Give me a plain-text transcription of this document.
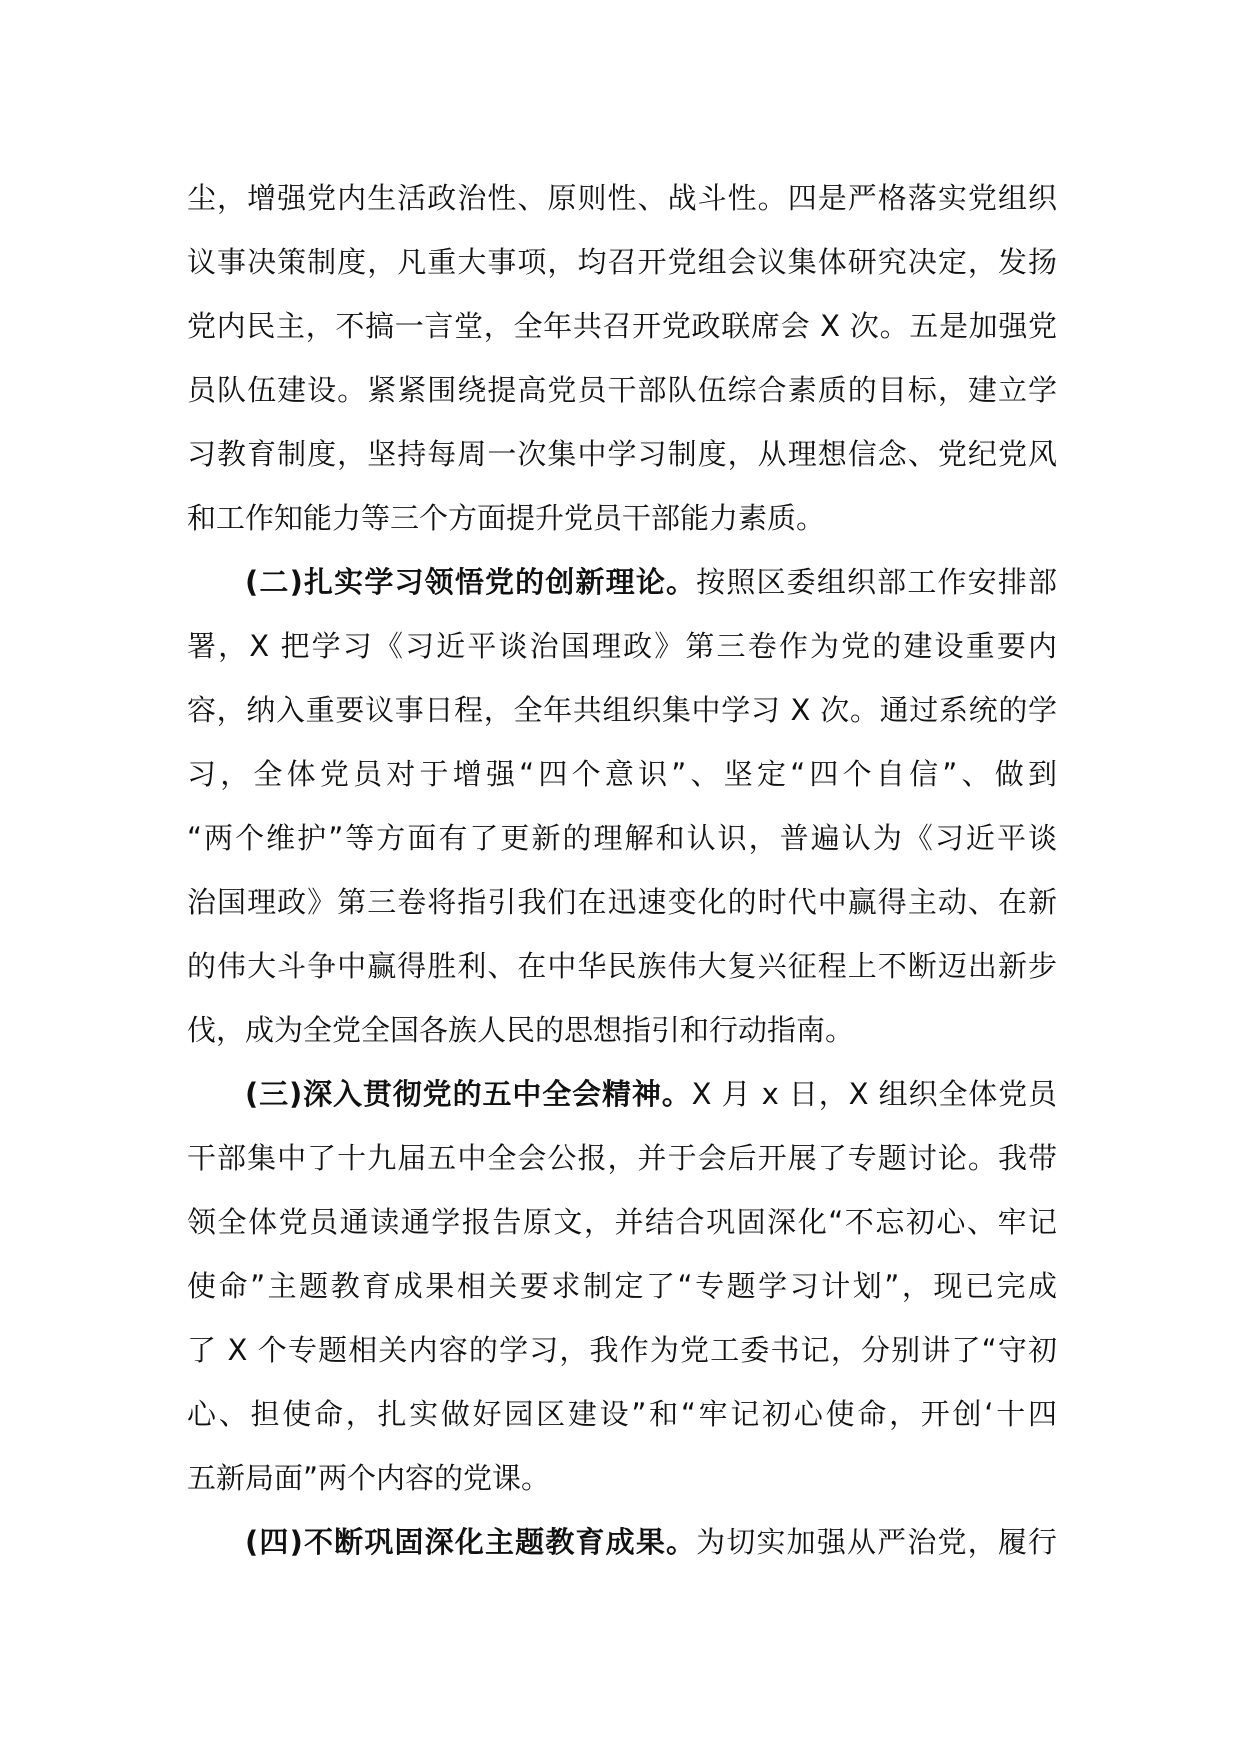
尘，增强党内生活政治性、原则性、战斗性。四是严格落实党组织
议事决策制度，凡重大事项，均召开党组会议集体研究决定，发扬
党内民主，不搞一言堂，全年共召开党政联席会 X 次。五是加强党
员队伍建设。紧紧围绕提高党员干部队伍综合素质的目标，建立学
习教育制度，坚持每周一次集中学习制度，从理想信念、党纪党风
和工作知能力等三个方面提升党员干部能力素质。
(二)扎实学习领悟党的创新理论。按照区委组织部工作安排部
署，X 把学习《习近平谈治国理政》第三卷作为党的建设重要内
容，纳入重要议事日程，全年共组织集中学习 X 次。通过系统的学
习，全体党员对于增强“四个意识”、坚定“四个自信”、做到
“两个维护”等方面有了更新的理解和认识，普遍认为《习近平谈
治国理政》第三卷将指引我们在迅速变化的时代中赢得主动、在新
的伟大斗争中赢得胜利、在中华民族伟大复兴征程上不断迈出新步
伐，成为全党全国各族人民的思想指引和行动指南。
(三)深入贯彻党的五中全会精神。X 月 x 日，X 组织全体党员
干部集中了十九届五中全会公报，并于会后开展了专题讨论。我带
领全体党员通读通学报告原文，并结合巩固深化“不忘初心、牢记
使命”主题教育成果相关要求制定了“专题学习计划”，现已完成
了 X 个专题相关内容的学习，我作为党工委书记，分别讲了“守初
心、担使命，扎实做好园区建设”和“牢记初心使命，开创‘十四
五新局面”两个内容的党课。
(四)不断巩固深化主题教育成果。为切实加强从严治党，履行
